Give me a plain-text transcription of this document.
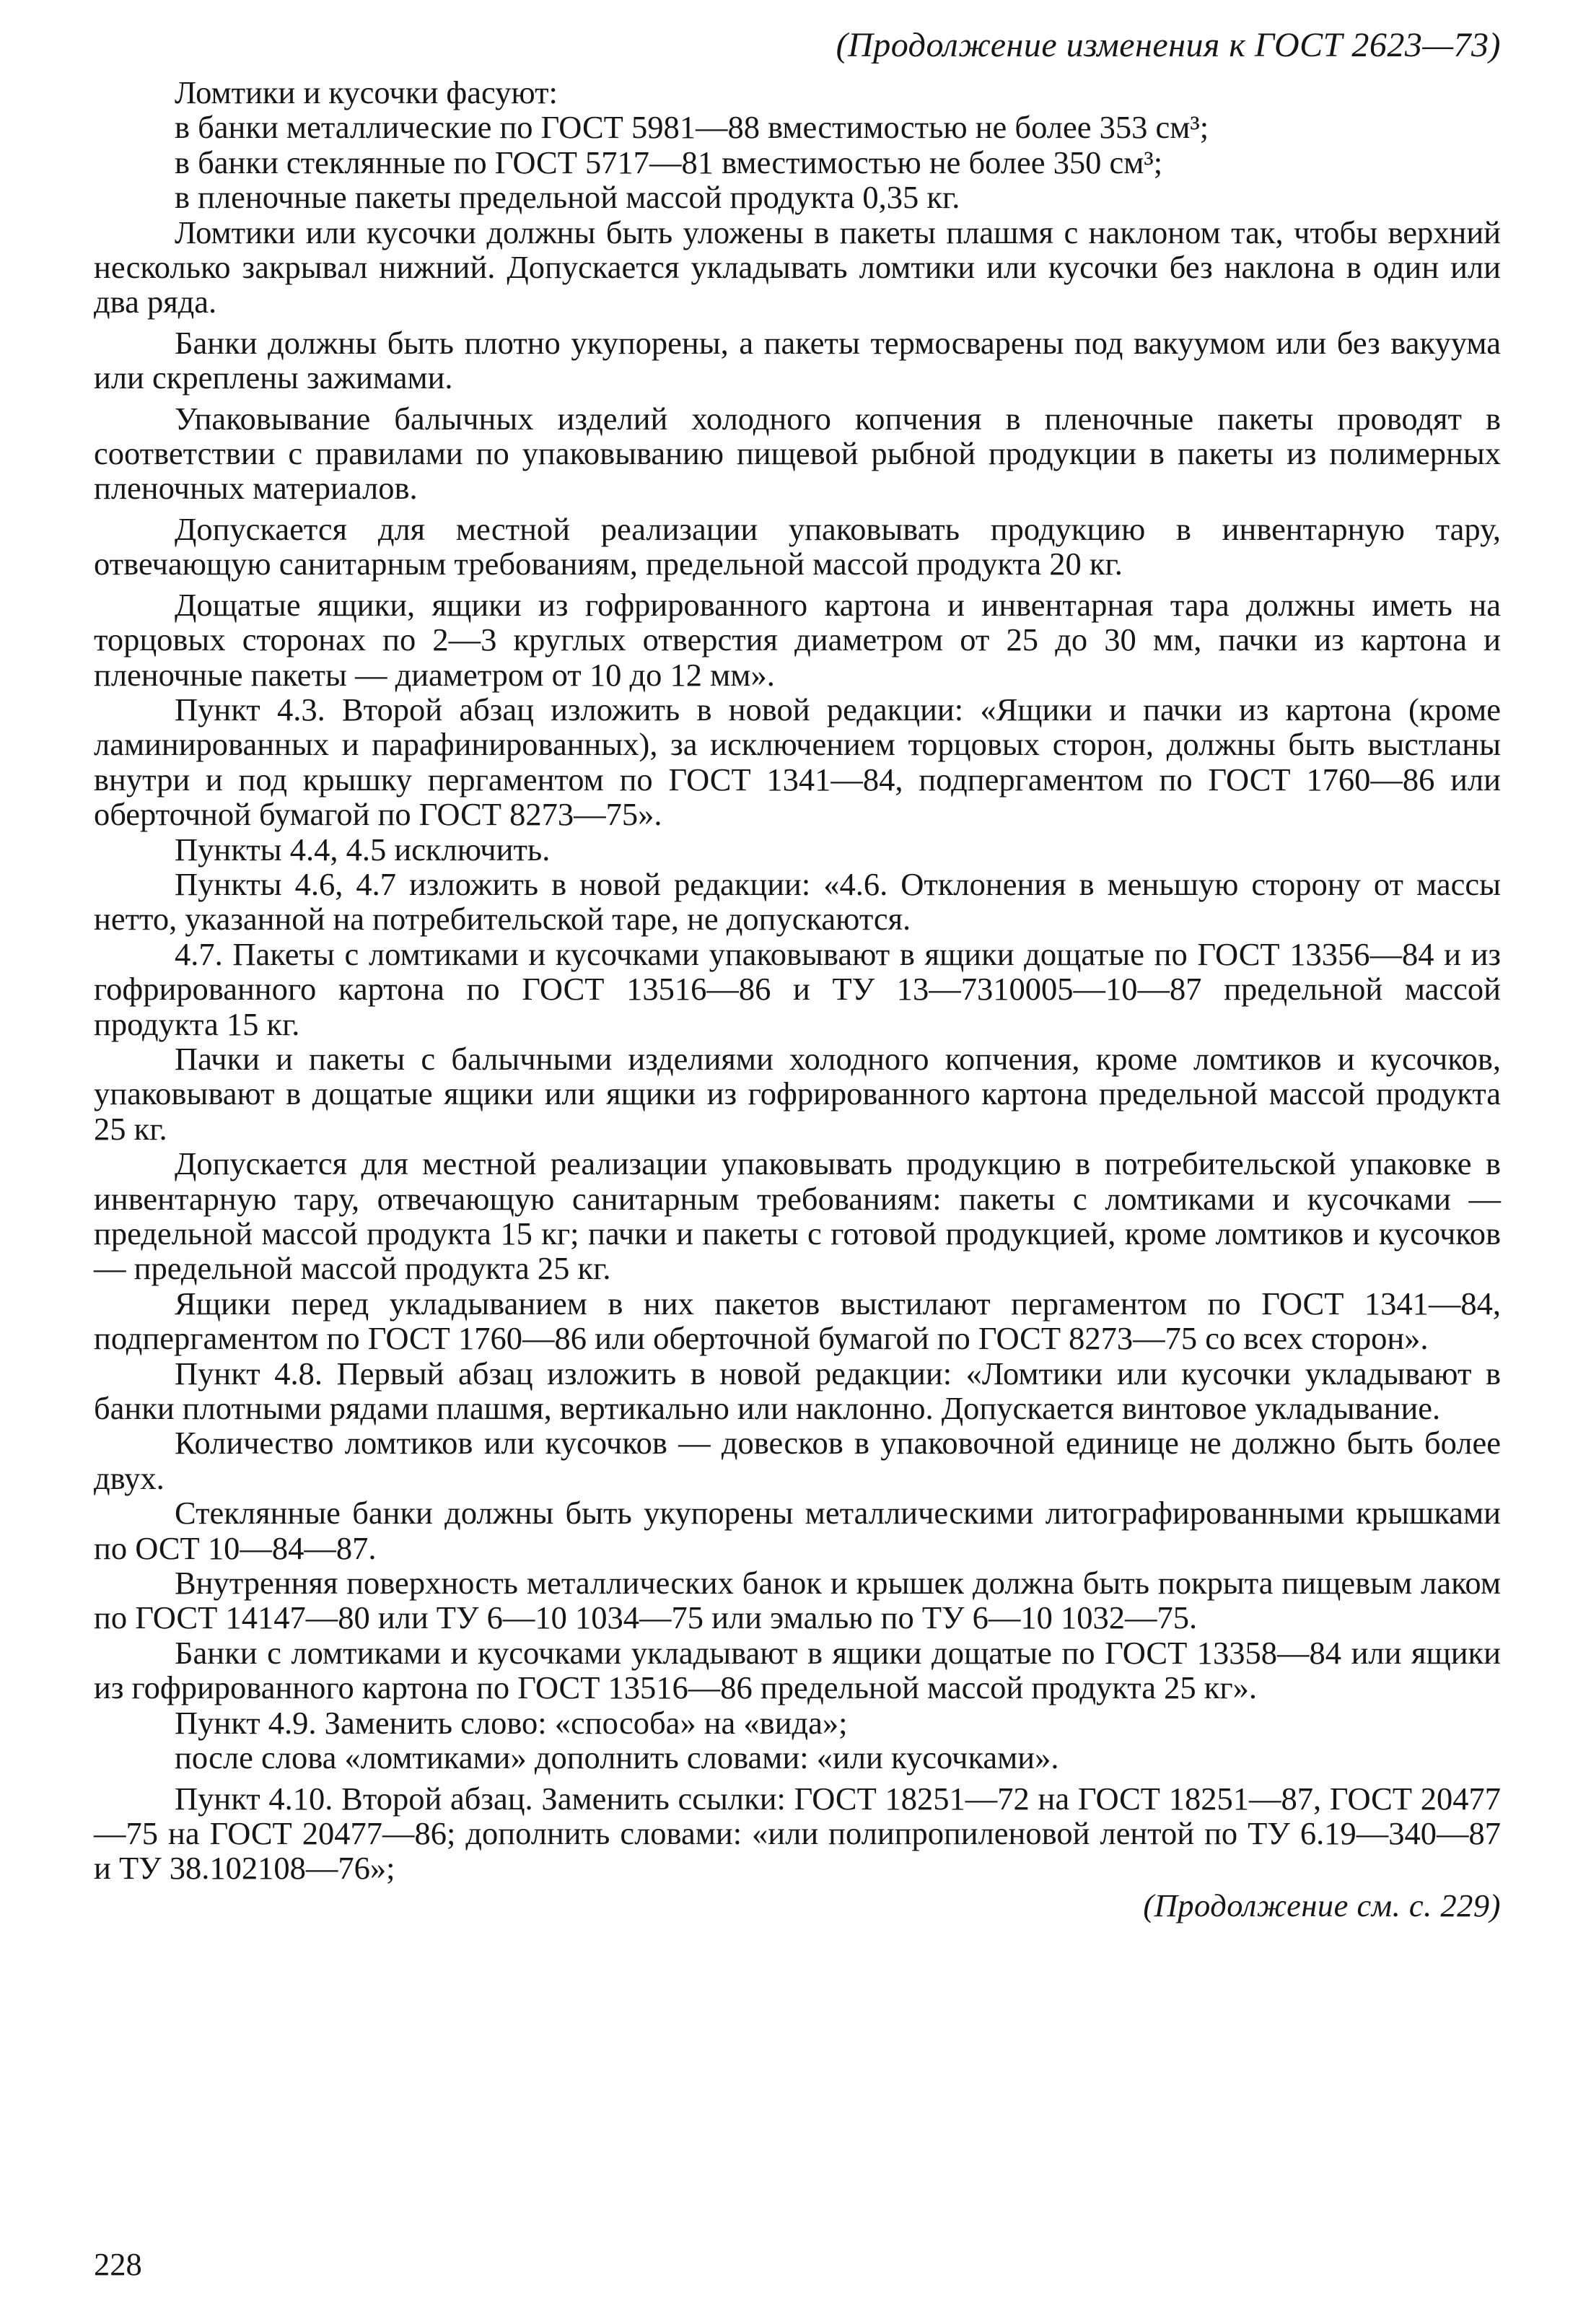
(Продолжение изменения к ГОСТ 2623—73)

Ломтики и кусочки фасуют:

в банки металлические по ГОСТ 5981—88 вместимостью не более 353 см³;

в банки стеклянные по ГОСТ 5717—81 вместимостью не более 350 см³;

в пленочные пакеты предельной массой продукта 0,35 кг.

Ломтики или кусочки должны быть уложены в пакеты плашмя с наклоном так, чтобы верхний несколько закрывал нижний. Допускается укладывать ломтики или кусочки без наклона в один или два ряда.

Банки должны быть плотно укупорены, а пакеты термосварены под вакуумом или без вакуума или скреплены зажимами.

Упаковывание балычных изделий холодного копчения в пленочные пакеты проводят в соответствии с правилами по упаковыванию пищевой рыбной продукции в пакеты из полимерных пленочных материалов.

Допускается для местной реализации упаковывать продукцию в инвентарную тару, отвечающую санитарным требованиям, предельной массой продукта 20 кг.

Дощатые ящики, ящики из гофрированного картона и инвентарная тара должны иметь на торцовых сторонах по 2—3 круглых отверстия диаметром от 25 до 30 мм, пачки из картона и пленочные пакеты — диаметром от 10 до 12 мм».

Пункт 4.3. Второй абзац изложить в новой редакции: «Ящики и пачки из картона (кроме ламинированных и парафинированных), за исключением торцовых сторон, должны быть выстланы внутри и под крышку пергаментом по ГОСТ 1341—84, подпергаментом по ГОСТ 1760—86 или оберточной бумагой по ГОСТ 8273—75».

Пункты 4.4, 4.5 исключить.

Пункты 4.6, 4.7 изложить в новой редакции: «4.6. Отклонения в меньшую сторону от массы нетто, указанной на потребительской таре, не допускаются.

4.7. Пакеты с ломтиками и кусочками упаковывают в ящики дощатые по ГОСТ 13356—84 и из гофрированного картона по ГОСТ 13516—86 и ТУ 13—7310005—10—87 предельной массой продукта 15 кг.

Пачки и пакеты с балычными изделиями холодного копчения, кроме ломтиков и кусочков, упаковывают в дощатые ящики или ящики из гофрированного картона предельной массой продукта 25 кг.

Допускается для местной реализации упаковывать продукцию в потребительской упаковке в инвентарную тару, отвечающую санитарным требованиям: пакеты с ломтиками и кусочками — предельной массой продукта 15 кг; пачки и пакеты с готовой продукцией, кроме ломтиков и кусочков — предельной массой продукта 25 кг.

Ящики перед укладыванием в них пакетов выстилают пергаментом по ГОСТ 1341—84, подпергаментом по ГОСТ 1760—86 или оберточной бумагой по ГОСТ 8273—75 со всех сторон».

Пункт 4.8. Первый абзац изложить в новой редакции: «Ломтики или кусочки укладывают в банки плотными рядами плашмя, вертикально или наклонно. Допускается винтовое укладывание.

Количество ломтиков или кусочков — довесков в упаковочной единице не должно быть более двух.

Стеклянные банки должны быть укупорены металлическими литографированными крышками по ОСТ 10—84—87.

Внутренняя поверхность металлических банок и крышек должна быть покрыта пищевым лаком по ГОСТ 14147—80 или ТУ 6—10 1034—75 или эмалью по ТУ 6—10 1032—75.

Банки с ломтиками и кусочками укладывают в ящики дощатые по ГОСТ 13358—84 или ящики из гофрированного картона по ГОСТ 13516—86 предельной массой продукта 25 кг».

Пункт 4.9. Заменить слово: «способа» на «вида»;

после слова «ломтиками» дополнить словами: «или кусочками».

Пункт 4.10. Второй абзац. Заменить ссылки: ГОСТ 18251—72 на ГОСТ 18251—87, ГОСТ 20477—75 на ГОСТ 20477—86; дополнить словами: «или полипропиленовой лентой по ТУ 6.19—340—87 и ТУ 38.102108—76»;

(Продолжение см. с. 229)
228
